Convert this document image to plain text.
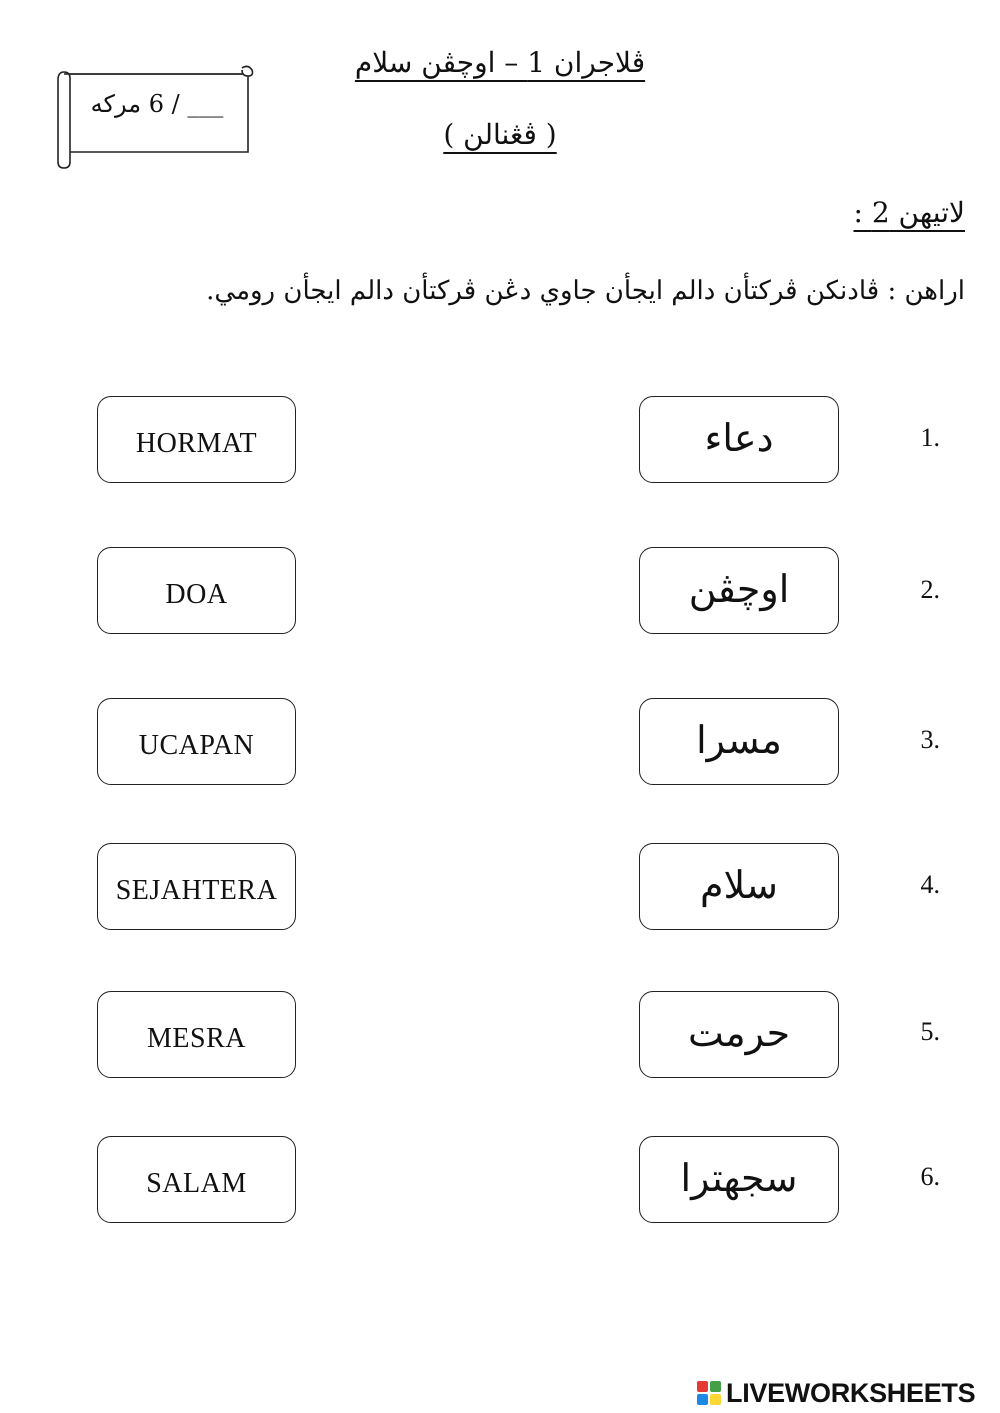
___ / 6 مركه
ڤلاجران 1 – اوچڤن سلام
( ڤڠنالن )
لاتيهن 2 :
اراهن : ڤادنكن ڤركتأن دالم ايجأن جاوي دڠن ڤركتأن دالم ايجأن رومي.
HORMAT	دعاء	1.
DOA	اوچڤن	2.
UCAPAN	مسرا	3.
SEJAHTERA	سلام	4.
MESRA	حرمت	5.
SALAM	سجهترا	6.
LIVEWORKSHEETS
